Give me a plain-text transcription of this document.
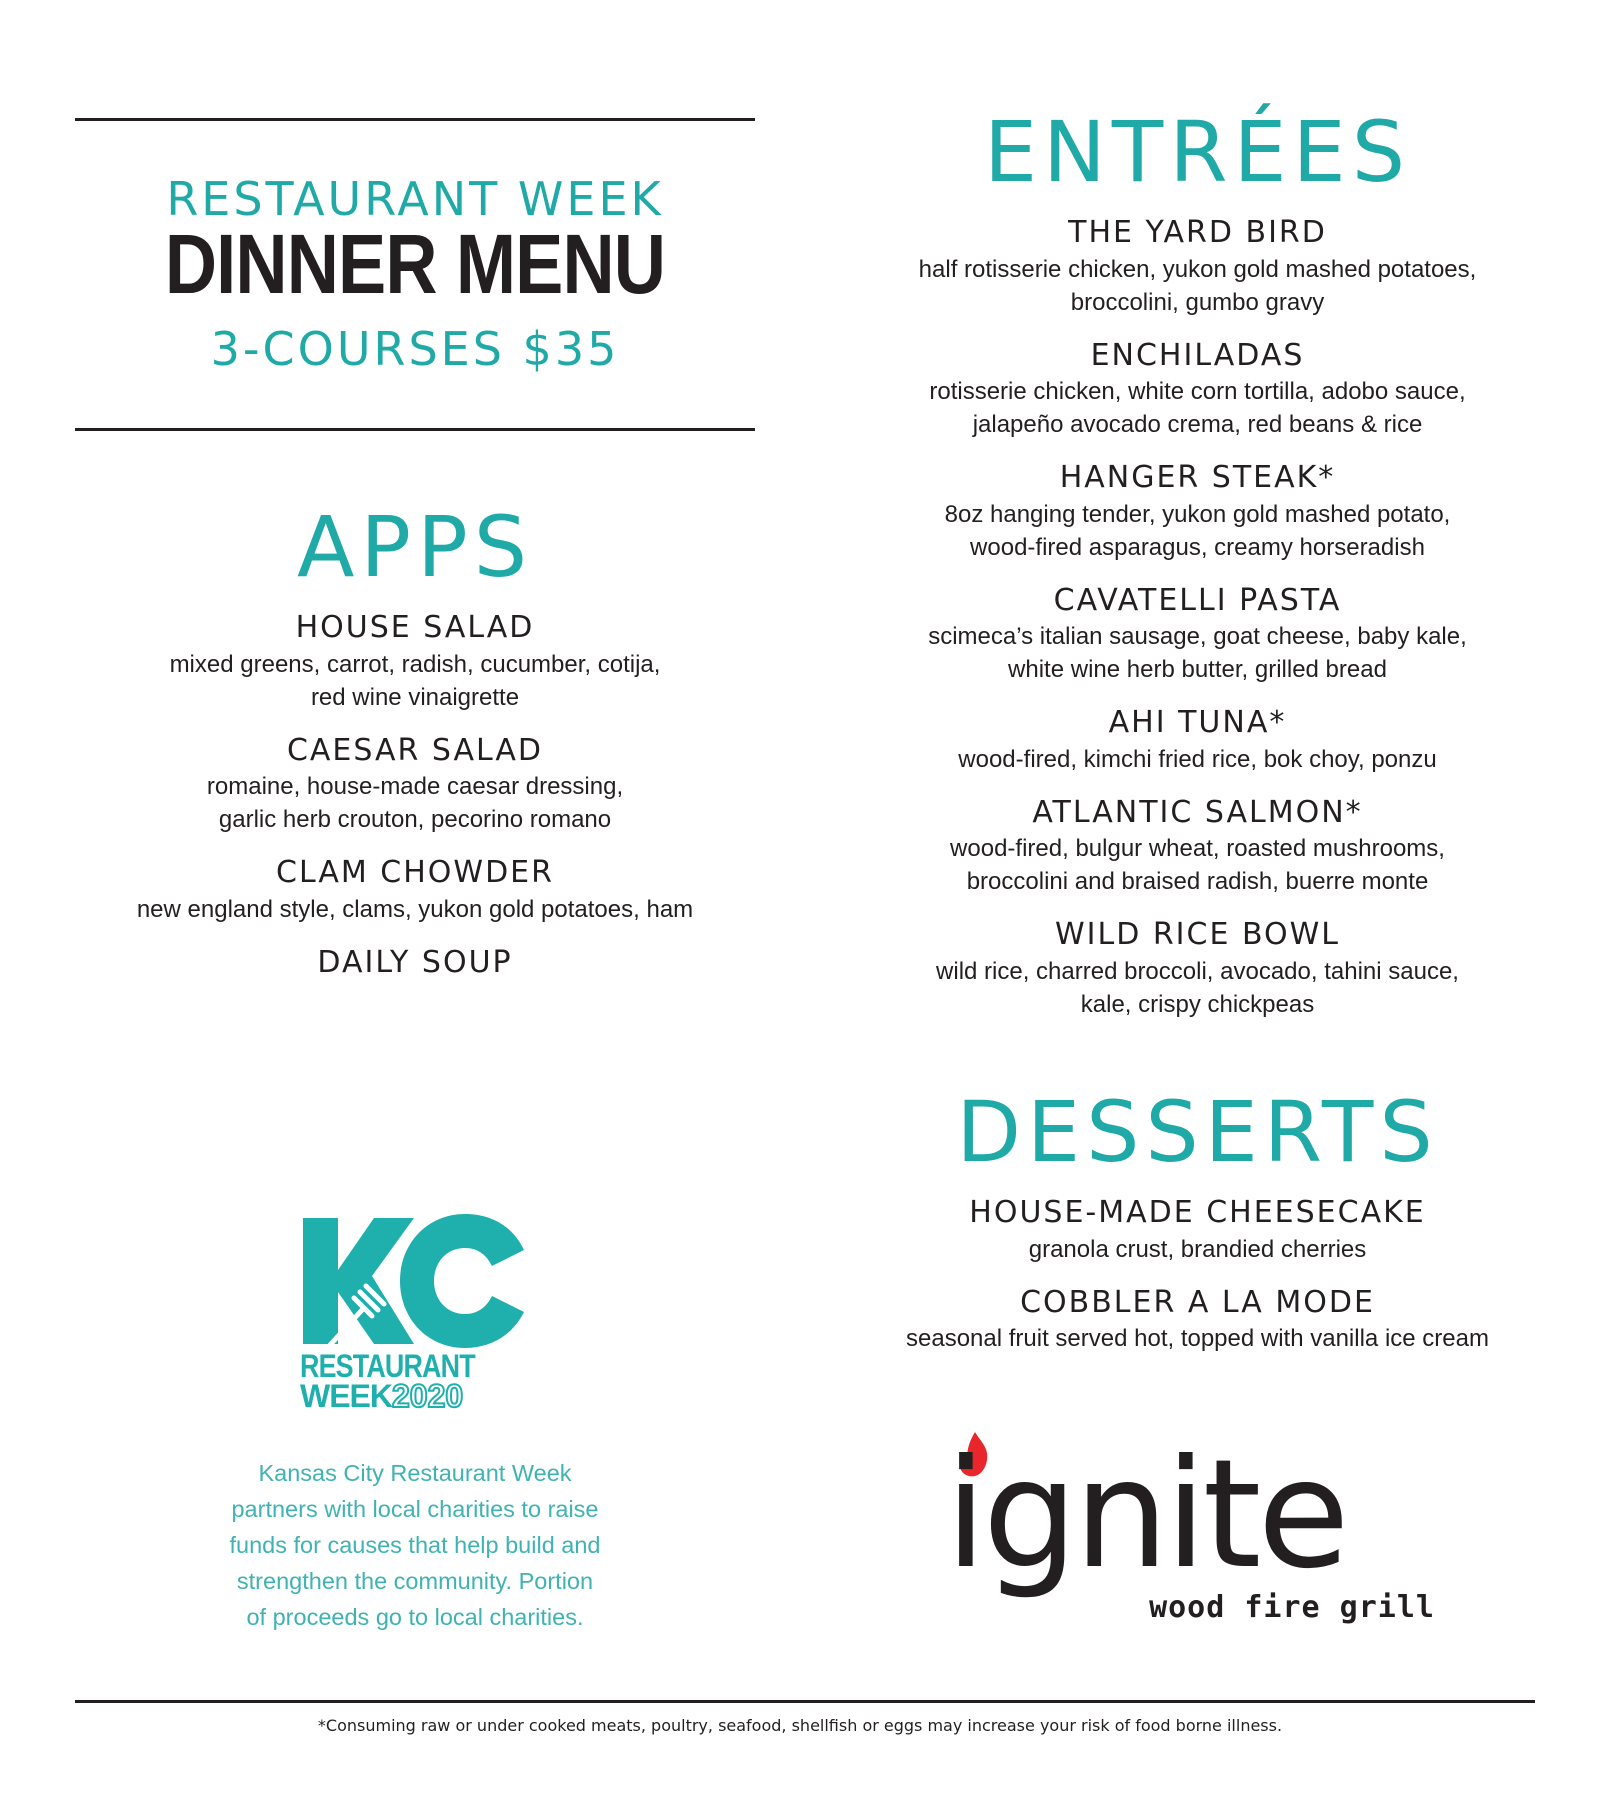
RESTAURANT WEEK
DINNER MENU
3-COURSES $35
APPS
HOUSE SALAD
mixed greens, carrot, radish, cucumber, cotija,
red wine vinaigrette
CAESAR SALAD
romaine, house-made caesar dressing,
garlic herb crouton, pecorino romano
CLAM CHOWDER
new england style, clams, yukon gold potatoes, ham
DAILY SOUP
ENTRÉES
THE YARD BIRD
half rotisserie chicken, yukon gold mashed potatoes,
broccolini, gumbo gravy
ENCHILADAS
rotisserie chicken, white corn tortilla, adobo sauce,
jalapeño avocado crema, red beans & rice
HANGER STEAK*
8oz hanging tender, yukon gold mashed potato,
wood-fired asparagus, creamy horseradish
CAVATELLI PASTA
scimeca’s italian sausage, goat cheese, baby kale,
white wine herb butter, grilled bread
AHI TUNA*
wood-fired, kimchi fried rice, bok choy, ponzu
ATLANTIC SALMON*
wood-fired, bulgur wheat, roasted mushrooms,
broccolini and braised radish, buerre monte
WILD RICE BOWL
wild rice, charred broccoli, avocado, tahini sauce,
kale, crispy chickpeas
DESSERTS
HOUSE-MADE CHEESECAKE
granola crust, brandied cherries
COBBLER A LA MODE
seasonal fruit served hot, topped with vanilla ice cream
RESTAURANT
WEEK2020
Kansas City Restaurant Week
partners with local charities to raise
funds for causes that help build and
strengthen the community. Portion
of proceeds go to local charities.
ignite
wood fire grill
*Consuming raw or under cooked meats, poultry, seafood, shellfish or eggs may increase your risk of food borne illness.
